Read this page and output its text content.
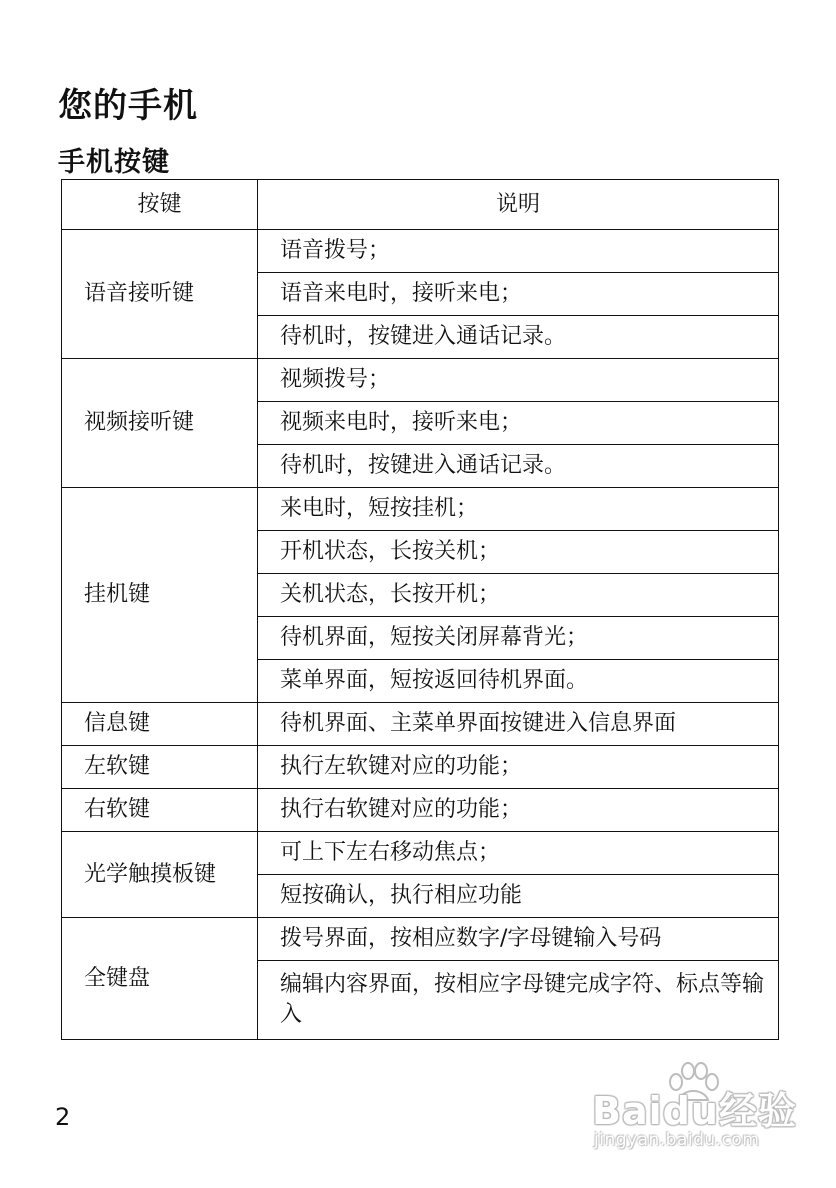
您的手机
手机按键
按键	说明
语音接听键	语音拨号；
	语音来电时，接听来电；
	待机时，按键进入通话记录。
视频接听键	视频拨号；
	视频来电时，接听来电；
	待机时，按键进入通话记录。
挂机键	来电时，短按挂机；
	开机状态，长按关机；
	关机状态，长按开机；
	待机界面，短按关闭屏幕背光；
	菜单界面，短按返回待机界面。
信息键	待机界面、主菜单界面按键进入信息界面
左软键	执行左软键对应的功能；
右软键	执行右软键对应的功能；
光学触摸板键	可上下左右移动焦点；
	短按确认，执行相应功能
全键盘	拨号界面，按相应数字/字母键输入号码
	编辑内容界面，按相应字母键完成字符、标点等输入
2	Baidu经验
jingyan.baidu.com
